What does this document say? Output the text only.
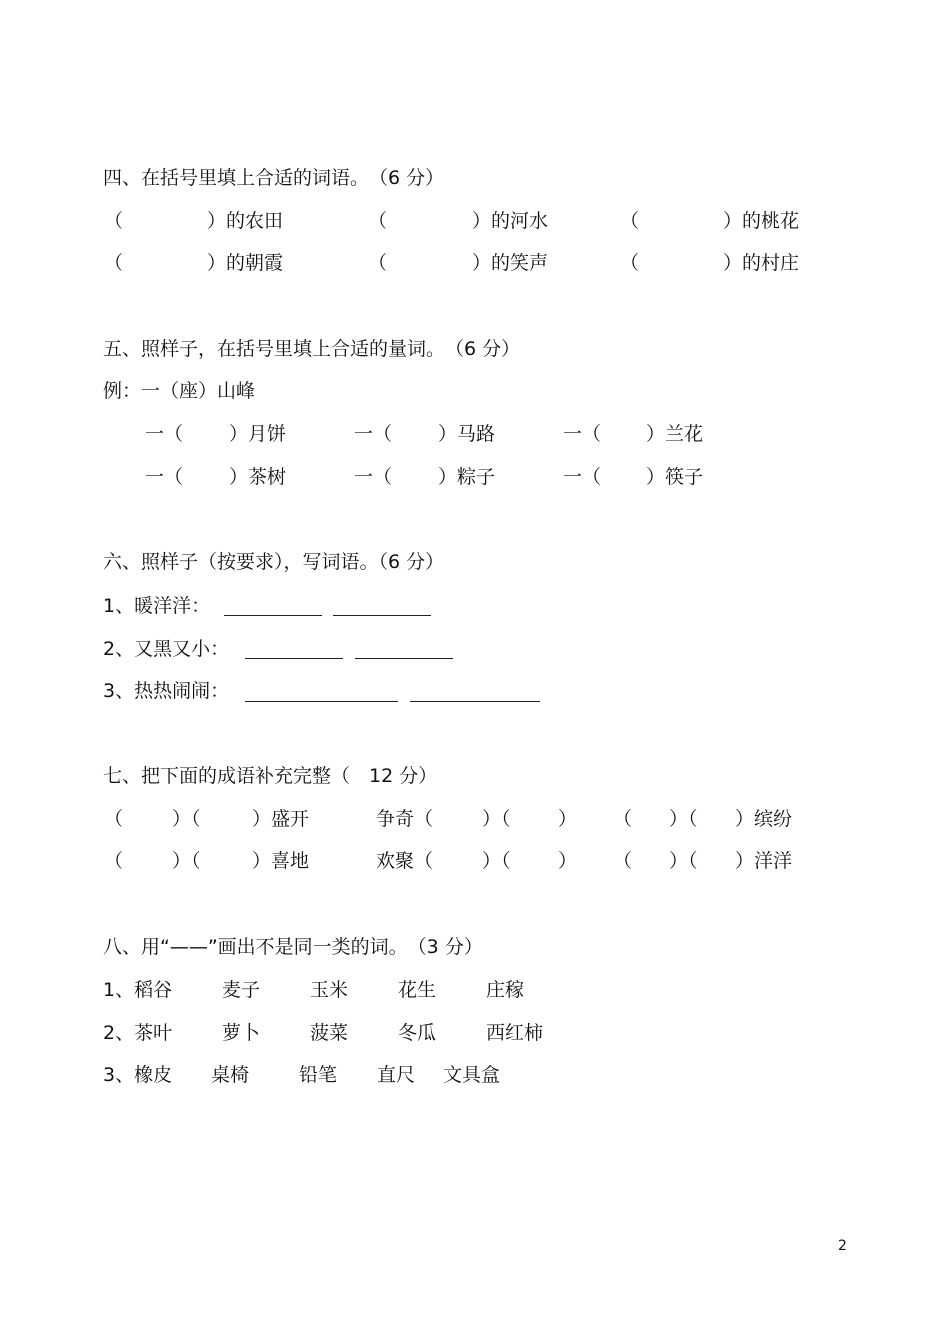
四、在括号里填上合适的词语。　（6 分）
（	）的农田	（	）的河水	（	）的桃花
（	）的朝霞	（	）的笑声	（	）的村庄
五、照样子，在括号里填上合适的量词。　（6 分）
例：一（座）山峰
一（ ）月饼	一（ ）马路	一（ ）兰花
一（ ）茶树	一（ ）粽子	一（ ）筷子
六、照样子（按要求），写词语。（6 分）
1、暖洋洋：
2、又黑又小：
3、热热闹闹：
七、把下面的成语补充完整（　12 分）
（	）（	）盛开	争奇（	）（ ） （ ）（ ）缤纷
（	）（	）喜地	欢聚（	）（ ） （ ）（ ）洋洋
八、用“——”画出不是同一类的词。　（3 分）
1、稻谷	麦子	玉米	花生	庄稼
2、茶叶	萝卜	菠菜	冬瓜	西红柿
3、橡皮 桌椅	铅笔 直尺 文具盒
2
